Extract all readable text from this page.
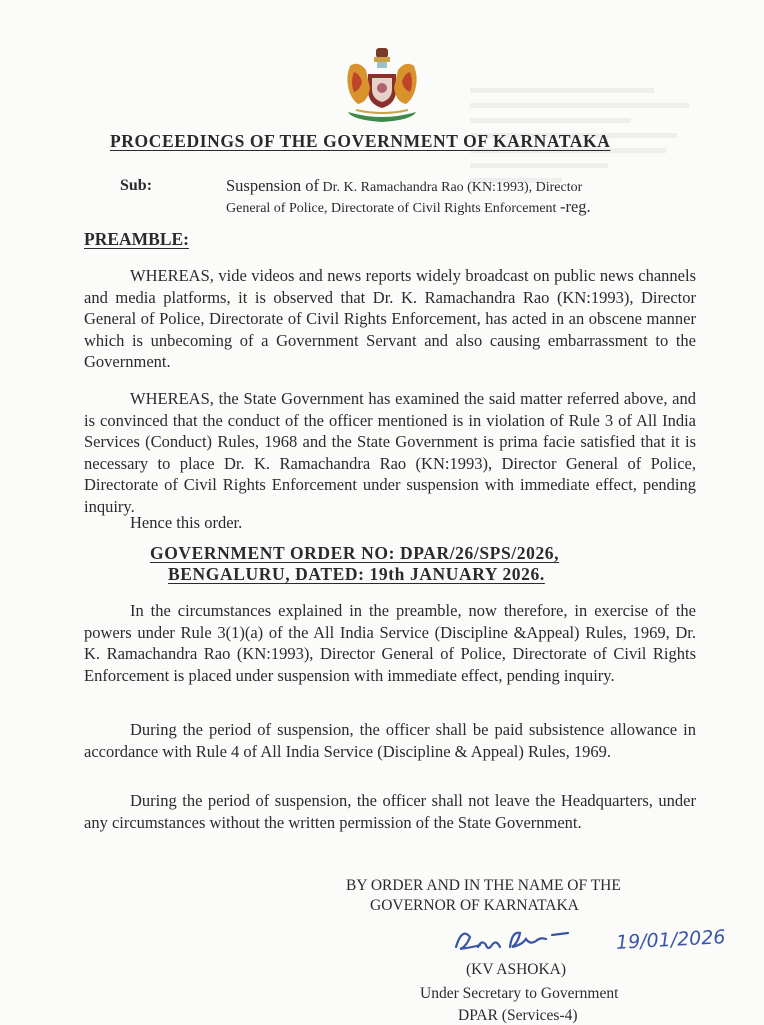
PROCEEDINGS OF THE GOVERNMENT OF KARNATAKA
Sub:	Suspension of Dr. K. Ramachandra Rao (KN:1993), Director
General of Police, Directorate of Civil Rights Enforcement -reg.
PREAMBLE:

WHEREAS, vide videos and news reports widely broadcast on public news channels and media platforms, it is observed that Dr. K. Ramachandra Rao (KN:1993), Director General of Police, Directorate of Civil Rights Enforcement, has acted in an obscene manner which is unbecoming of a Government Servant and also causing embarrassment to the Government.

WHEREAS, the State Government has examined the said matter referred above, and is convinced that the conduct of the officer mentioned is in violation of Rule 3 of All India Services (Conduct) Rules, 1968 and the State Government is prima facie satisfied that it is necessary to place Dr. K. Ramachandra Rao (KN:1993), Director General of Police, Directorate of Civil Rights Enforcement under suspension with immediate effect, pending inquiry.

Hence this order.
GOVERNMENT ORDER NO: DPAR/26/SPS/2026,
BENGALURU, DATED: 19th JANUARY 2026.

In the circumstances explained in the preamble, now therefore, in exercise of the powers under Rule 3(1)(a) of the All India Service (Discipline &Appeal) Rules, 1969, Dr. K. Ramachandra Rao (KN:1993), Director General of Police, Directorate of Civil Rights Enforcement is placed under suspension with immediate effect, pending inquiry.

During the period of suspension, the officer shall be paid subsistence allowance in accordance with Rule 4 of All India Service (Discipline & Appeal) Rules, 1969.

During the period of suspension, the officer shall not leave the Headquarters, under any circumstances without the written permission of the State Government.

BY ORDER AND IN THE NAME OF THE
GOVERNOR OF KARNATAKA
19/01/2026
(KV ASHOKA)
Under Secretary to Government
DPAR (Services-4)
